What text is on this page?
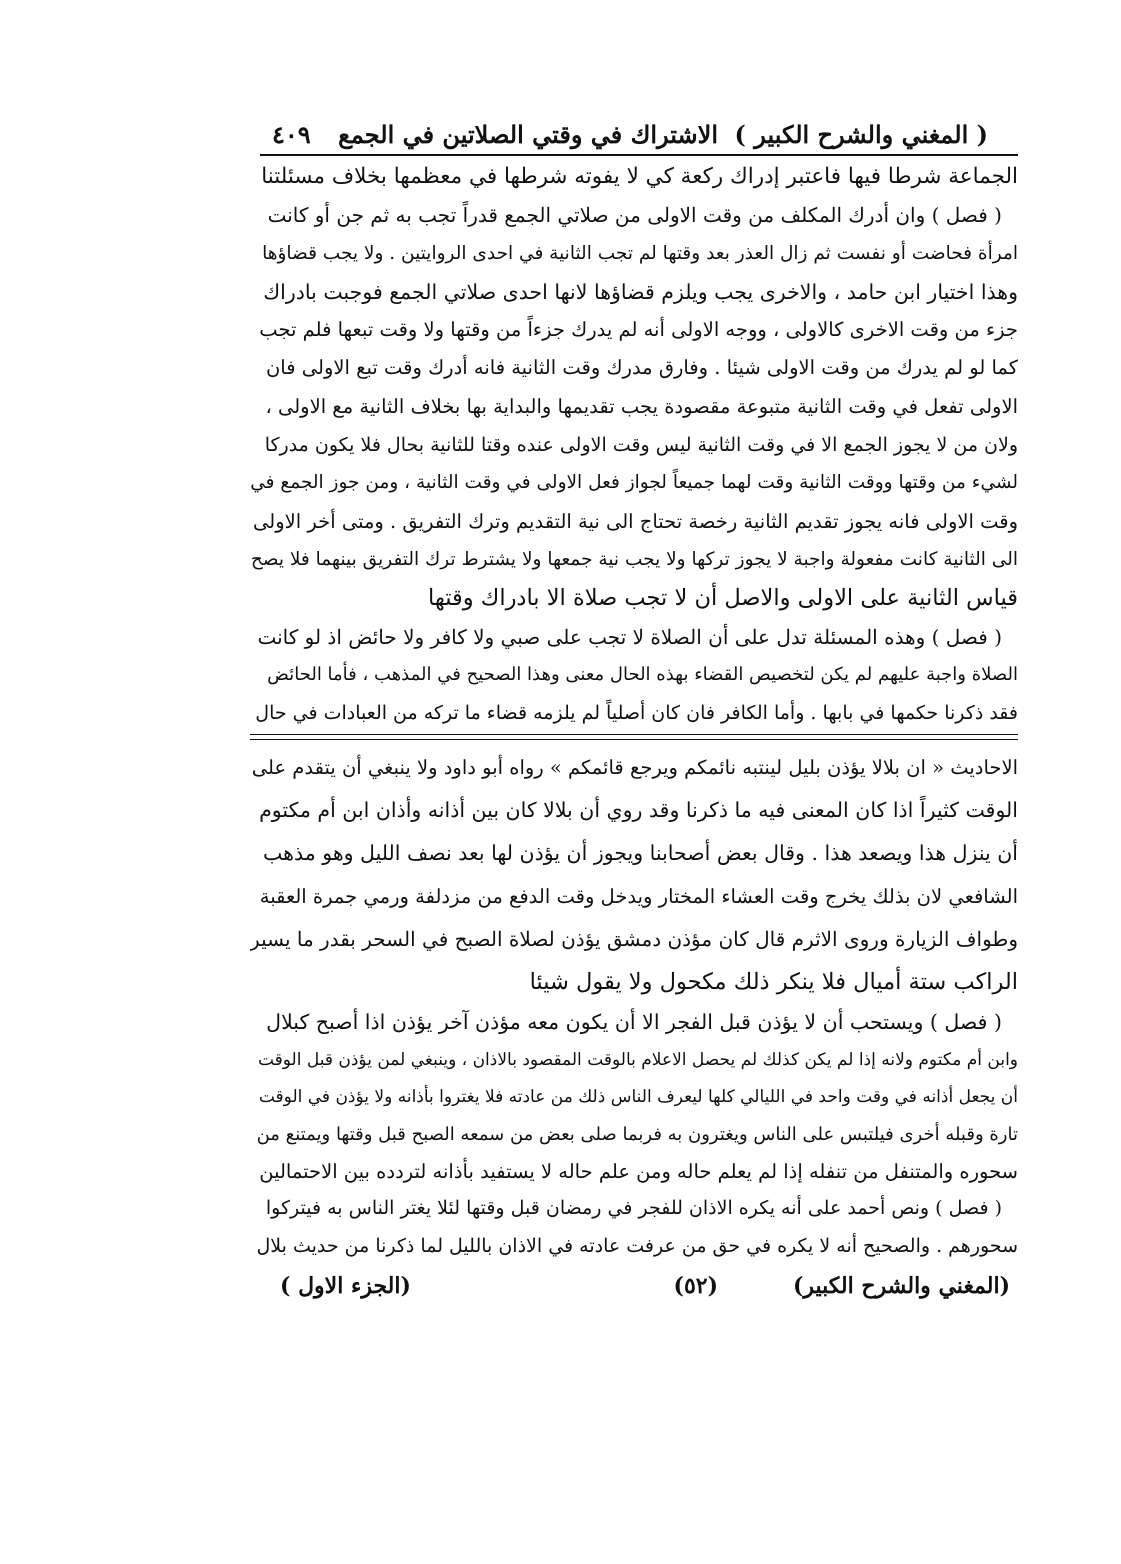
( المغني والشرح الكبير )
الاشتراك في وقتي الصلاتين في الجمع
٤٠٩
الجماعة شرطا فيها فاعتبر إدراك ركعة كي لا يفوته شرطها في معظمها بخلاف مسئلتنا
( فصل ) وان أدرك المكلف من وقت الاولى من صلاتي الجمع قدراً تجب به ثم جن أو كانت
امرأة فحاضت أو نفست ثم زال العذر بعد وقتها لم تجب الثانية في احدى الروايتين . ولا يجب قضاؤها
وهذا اختيار ابن حامد ، والاخرى يجب ويلزم قضاؤها لانها احدى صلاتي الجمع فوجبت بادراك
جزء من وقت الاخرى كالاولى ، ووجه الاولى أنه لم يدرك جزءاً من وقتها ولا وقت تبعها فلم تجب
كما لو لم يدرك من وقت الاولى شيئا . وفارق مدرك وقت الثانية فانه أدرك وقت تبع الاولى فان
الاولى تفعل في وقت الثانية متبوعة مقصودة يجب تقديمها والبداية بها بخلاف الثانية مع الاولى ،
ولان من لا يجوز الجمع الا في وقت الثانية ليس وقت الاولى عنده وقتا للثانية بحال فلا يكون مدركا
لشيء من وقتها ووقت الثانية وقت لهما جميعاً لجواز فعل الاولى في وقت الثانية ، ومن جوز الجمع في
وقت الاولى فانه يجوز تقديم الثانية رخصة تحتاج الى نية التقديم وترك التفريق . ومتى أخر الاولى
الى الثانية كانت مفعولة واجبة لا يجوز تركها ولا يجب نية جمعها ولا يشترط ترك التفريق بينهما فلا يصح
قياس الثانية على الاولى والاصل أن لا تجب صلاة الا بادراك وقتها
( فصل ) وهذه المسئلة تدل على أن الصلاة لا تجب على صبي ولا كافر ولا حائض اذ لو كانت
الصلاة واجبة عليهم لم يكن لتخصيص القضاء بهذه الحال معنى وهذا الصحيح في المذهب ، فأما الحائض
فقد ذكرنا حكمها في بابها . وأما الكافر فان كان أصلياً لم يلزمه قضاء ما تركه من العبادات في حال
الاحاديث « ان بلالا يؤذن بليل لينتبه نائمكم ويرجع قائمكم » رواه أبو داود ولا ينبغي أن يتقدم على
الوقت كثيراً اذا كان المعنى فيه ما ذكرنا وقد روي أن بلالا كان بين أذانه وأذان ابن أم مكتوم
أن ينزل هذا ويصعد هذا . وقال بعض أصحابنا ويجوز أن يؤذن لها بعد نصف الليل وهو مذهب
الشافعي لان بذلك يخرج وقت العشاء المختار ويدخل وقت الدفع من مزدلفة ورمي جمرة العقبة
وطواف الزيارة وروى الاثرم قال كان مؤذن دمشق يؤذن لصلاة الصبح في السحر بقدر ما يسير
الراكب ستة أميال فلا ينكر ذلك مكحول ولا يقول شيئا
( فصل ) ويستحب أن لا يؤذن قبل الفجر الا أن يكون معه مؤذن آخر يؤذن اذا أصبح كبلال
وابن أم مكتوم ولانه إذا لم يكن كذلك لم يحصل الاعلام بالوقت المقصود بالاذان ، وينبغي لمن يؤذن قبل الوقت
أن يجعل أذانه في وقت واحد في الليالي كلها ليعرف الناس ذلك من عادته فلا يغتروا بأذانه ولا يؤذن في الوقت
تارة وقبله أخرى فيلتبس على الناس ويغترون به فربما صلى بعض من سمعه الصبح قبل وقتها ويمتنع من
سحوره والمتنفل من تنفله إذا لم يعلم حاله ومن علم حاله لا يستفيد بأذانه لتردده بين الاحتمالين
( فصل ) ونص أحمد على أنه يكره الاذان للفجر في رمضان قبل وقتها لئلا يغتر الناس به فيتركوا
سحورهم . والصحيح أنه لا يكره في حق من عرفت عادته في الاذان بالليل لما ذكرنا من حديث بلال
(المغني والشرح الكبير)
(٥٢)
(الجزء الاول )
